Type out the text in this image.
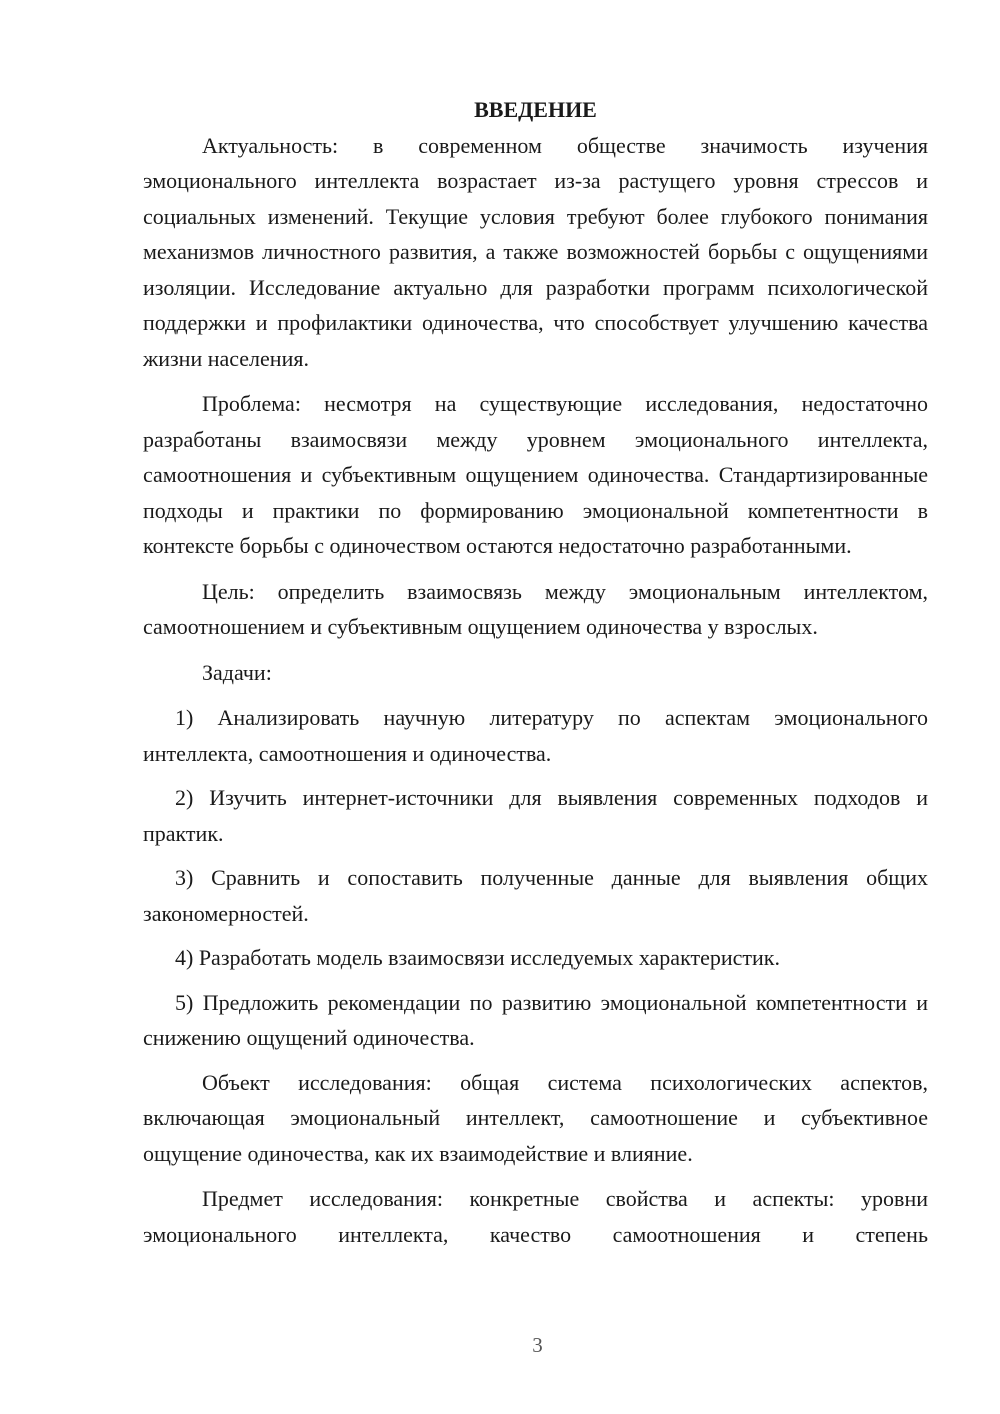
ВВЕДЕНИЕ

Актуальность: в современном обществе значимость изучения эмоционального интеллекта возрастает из-за растущего уровня стрессов и социальных изменений. Текущие условия требуют более глубокого понимания механизмов личностного развития, а также возможностей борьбы с ощущениями изоляции. Исследование актуально для разработки программ психологической поддержки и профилактики одиночества, что способствует улучшению качества жизни населения.

Проблема: несмотря на существующие исследования, недостаточно разработаны взаимосвязи между уровнем эмоционального интеллекта, самоотношения и субъективным ощущением одиночества. Стандартизированные подходы и практики по формированию эмоциональной компетентности в контексте борьбы с одиночеством остаются недостаточно разработанными.

Цель: определить взаимосвязь между эмоциональным интеллектом, самоотношением и субъективным ощущением одиночества у взрослых.

Задачи:

1) Анализировать научную литературу по аспектам эмоционального интеллекта, самоотношения и одиночества.

2) Изучить интернет-источники для выявления современных подходов и практик.

3) Сравнить и сопоставить полученные данные для выявления общих закономерностей.

4) Разработать модель взаимосвязи исследуемых характеристик.

5) Предложить рекомендации по развитию эмоциональной компетентности и снижению ощущений одиночества.

Объект исследования: общая система психологических аспектов, включающая эмоциональный интеллект, самоотношение и субъективное ощущение одиночества, как их взаимодействие и влияние.

Предмет исследования: конкретные свойства и аспекты: уровни эмоционального интеллекта, качество самоотношения и степень

3
